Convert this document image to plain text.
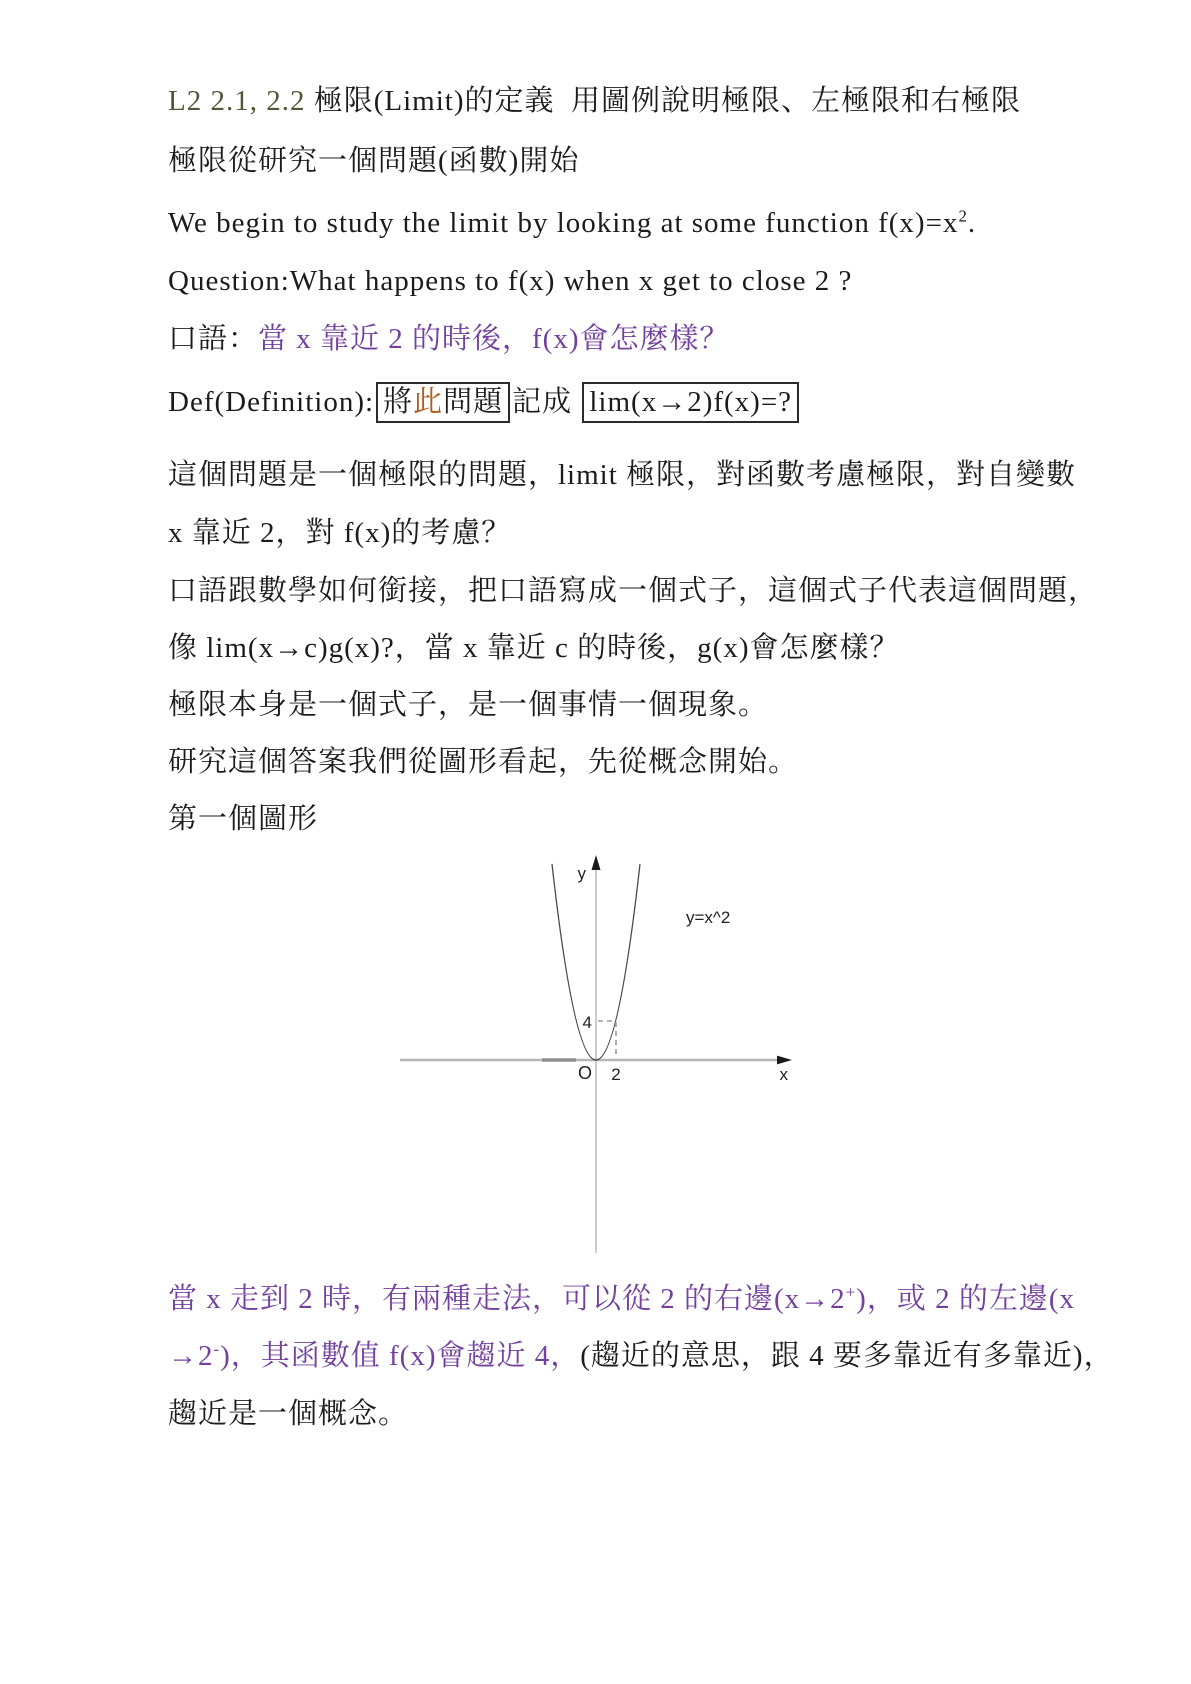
L2 2.1, 2.2 極限(Limit)的定義  用圖例說明極限、左極限和右極限
極限從研究一個問題(函數)開始
We begin to study the limit by looking at some function $f(x)=x^2$.
Question:What happens to f(x) when x get to close 2 ?
口語：當 x 靠近 2 的時後，f(x)會怎麼樣？
Def(Definition): 將此問題 記成 lim(x→2)f(x)=?
這個問題是一個極限的問題，limit 極限，對函數考慮極限，對自變數
x 靠近 2，對 f(x)的考慮？
口語跟數學如何銜接，把口語寫成一個式子，這個式子代表這個問題，
像 lim(x→c)g(x)?，當 x 靠近 c 的時後，g(x)會怎麼樣？
極限本身是一個式子，是一個事情一個現象。
研究這個答案我們從圖形看起，先從概念開始。
第一個圖形
y
x
y=x^2
O 2
4
當 x 走到 2 時，有兩種走法，可以從 2 的右邊(x→2+)，或 2 的左邊(x
→2-)，其函數值 f(x)會趨近 4，(趨近的意思，跟 4 要多靠近有多靠近)，
趨近是一個概念。
